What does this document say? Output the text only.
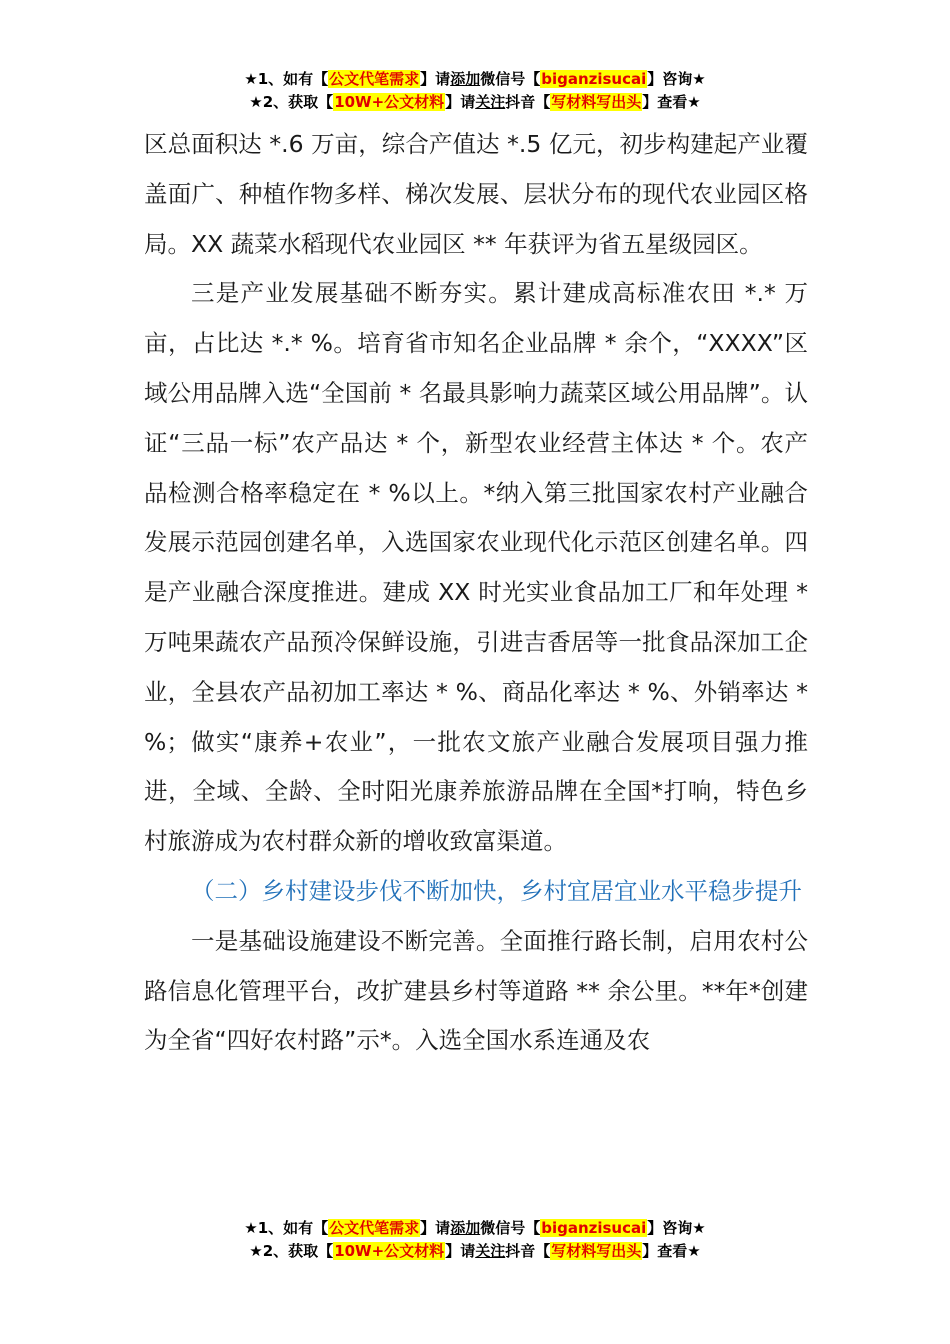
★1、如有【公文代笔需求】请添加微信号【biganzisucai】咨询★
★2、获取【10W+公文材料】请关注抖音【写材料写出头】查看★

区总面积达 *.6 万亩，综合产值达 *.5 亿元，初步构建起产业覆盖面广、种植作物多样、梯次发展、层状分布的现代农业园区格局。XX 蔬菜水稻现代农业园区 ** 年获评为省五星级园区。

三是产业发展基础不断夯实。累计建成高标准农田 *.* 万亩，占比达 *.* %。培育省市知名企业品牌 * 余个，“XXXX”区域公用品牌入选“全国前 * 名最具影响力蔬菜区域公用品牌”。认证“三品一标”农产品达 * 个，新型农业经营主体达 * 个。农产品检测合格率稳定在 * %以上。*纳入第三批国家农村产业融合发展示范园创建名单，入选国家农业现代化示范区创建名单。四是产业融合深度推进。建成 XX 时光实业食品加工厂和年处理 * 万吨果蔬农产品预冷保鲜设施，引进吉香居等一批食品深加工企业，全县农产品初加工率达 * %、商品化率达 * %、外销率达 * %；做实“康养+农业”，一批农文旅产业融合发展项目强力推进，全域、全龄、全时阳光康养旅游品牌在全国*打响，特色乡村旅游成为农村群众新的增收致富渠道。

（二）乡村建设步伐不断加快，乡村宜居宜业水平稳步提升

一是基础设施建设不断完善。全面推行路长制，启用农村公路信息化管理平台，改扩建县乡村等道路 ** 余公里。**年*创建为全省“四好农村路”示*。入选全国水系连通及农

★1、如有【公文代笔需求】请添加微信号【biganzisucai】咨询★
★2、获取【10W+公文材料】请关注抖音【写材料写出头】查看★
